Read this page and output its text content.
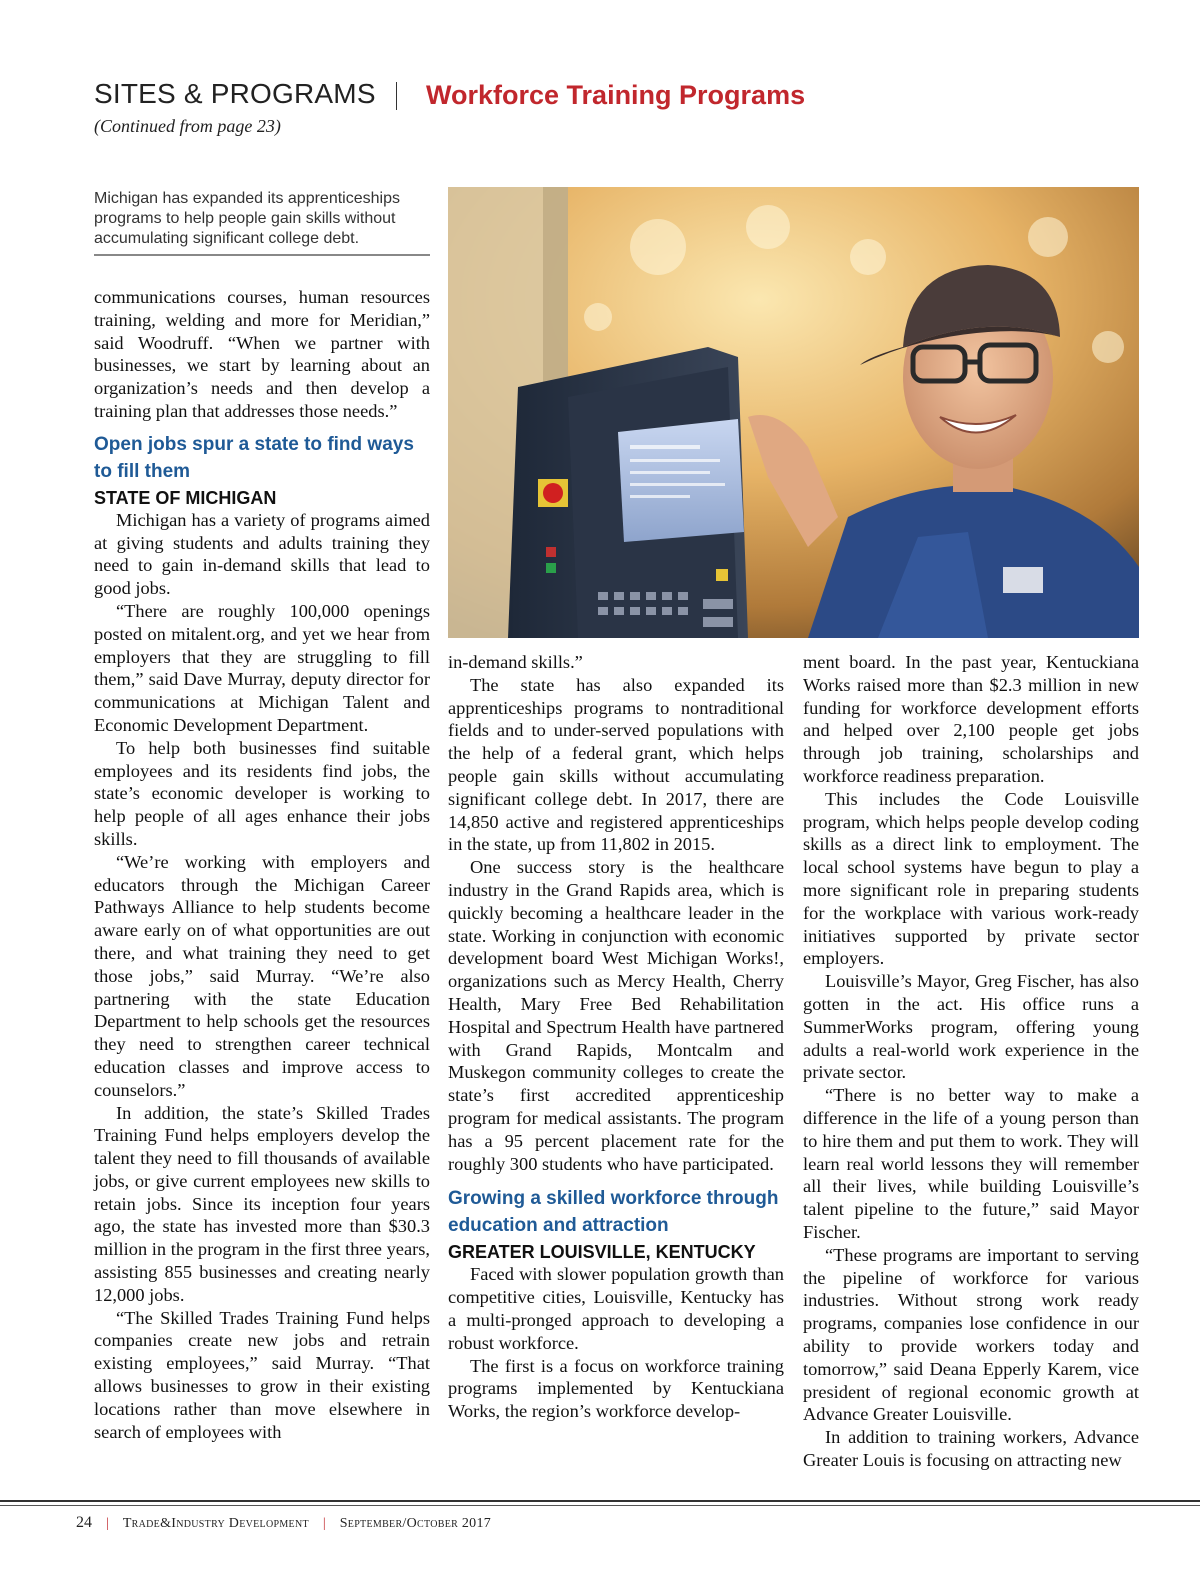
SITES & PROGRAMS Workforce Training Programs
(Continued from page 23)
Michigan has expanded its apprenticeships programs to help people gain skills without accumulating significant college debt.

communications courses, human resources training, welding and more for Meridian,” said Woodruff. “When we partner with businesses, we start by learning about an organization’s needs and then develop a training plan that addresses those needs.”

Open jobs spur a state to find ways to fill them
STATE OF MICHIGAN

Michigan has a variety of programs aimed at giving students and adults training they need to gain in-demand skills that lead to good jobs.

“There are roughly 100,000 openings posted on mitalent.org, and yet we hear from employers that they are struggling to fill them,” said Dave Murray, deputy director for communications at Michigan Talent and Economic Development Department.

To help both businesses find suitable employees and its residents find jobs, the state’s economic developer is working to help people of all ages enhance their jobs skills.

“We’re working with employers and educators through the Michigan Career Pathways Alliance to help students become aware early on of what opportunities are out there, and what training they need to get those jobs,” said Murray. “We’re also partnering with the state Education Department to help schools get the resources they need to strengthen career technical education classes and improve access to counselors.”

In addition, the state’s Skilled Trades Training Fund helps employers develop the talent they need to fill thousands of available jobs, or give current employees new skills to retain jobs. Since its inception four years ago, the state has invested more than $30.3 million in the program in the first three years, assisting 855 businesses and creating nearly 12,000 jobs.

“The Skilled Trades Training Fund helps companies create new jobs and retrain existing employees,” said Murray. “That allows businesses to grow in their existing locations rather than move elsewhere in search of employees with

in-demand skills.”

The state has also expanded its apprenticeships programs to nontraditional fields and to under-served populations with the help of a federal grant, which helps people gain skills without accumulating significant college debt. In 2017, there are 14,850 active and registered apprenticeships in the state, up from 11,802 in 2015.

One success story is the healthcare industry in the Grand Rapids area, which is quickly becoming a healthcare leader in the state. Working in conjunction with economic development board West Michigan Works!, organizations such as Mercy Health, Cherry Health, Mary Free Bed Rehabilitation Hospital and Spectrum Health have partnered with Grand Rapids, Montcalm and Muskegon community colleges to create the state’s first accredited apprenticeship program for medical assistants. The program has a 95 percent placement rate for the roughly 300 students who have participated.

Growing a skilled workforce through education and attraction
GREATER LOUISVILLE, KENTUCKY

Faced with slower population growth than competitive cities, Louisville, Kentucky has a multi-pronged approach to developing a robust workforce.

The first is a focus on workforce training programs implemented by Kentuckiana Works, the region’s workforce develop-

ment board. In the past year, Kentuckiana Works raised more than $2.3 million in new funding for workforce development efforts and helped over 2,100 people get jobs through job training, scholarships and workforce readiness preparation.

This includes the Code Louisville program, which helps people develop coding skills as a direct link to employment. The local school systems have begun to play a more significant role in preparing students for the workplace with various work-ready initiatives supported by private sector employers.

Louisville’s Mayor, Greg Fischer, has also gotten in the act. His office runs a SummerWorks program, offering young adults a real-world work experience in the private sector.

“There is no better way to make a difference in the life of a young person than to hire them and put them to work. They will learn real world lessons they will remember all their lives, while building Louisville’s talent pipeline to the future,” said Mayor Fischer.

“These programs are important to serving the pipeline of workforce for various industries. Without strong work ready programs, companies lose confidence in our ability to provide workers today and tomorrow,” said Deana Epperly Karem, vice president of regional economic growth at Advance Greater Louisville.

In addition to training workers, Advance Greater Louis is focusing on attracting new

24 | Trade&Industry Development | September/October 2017
